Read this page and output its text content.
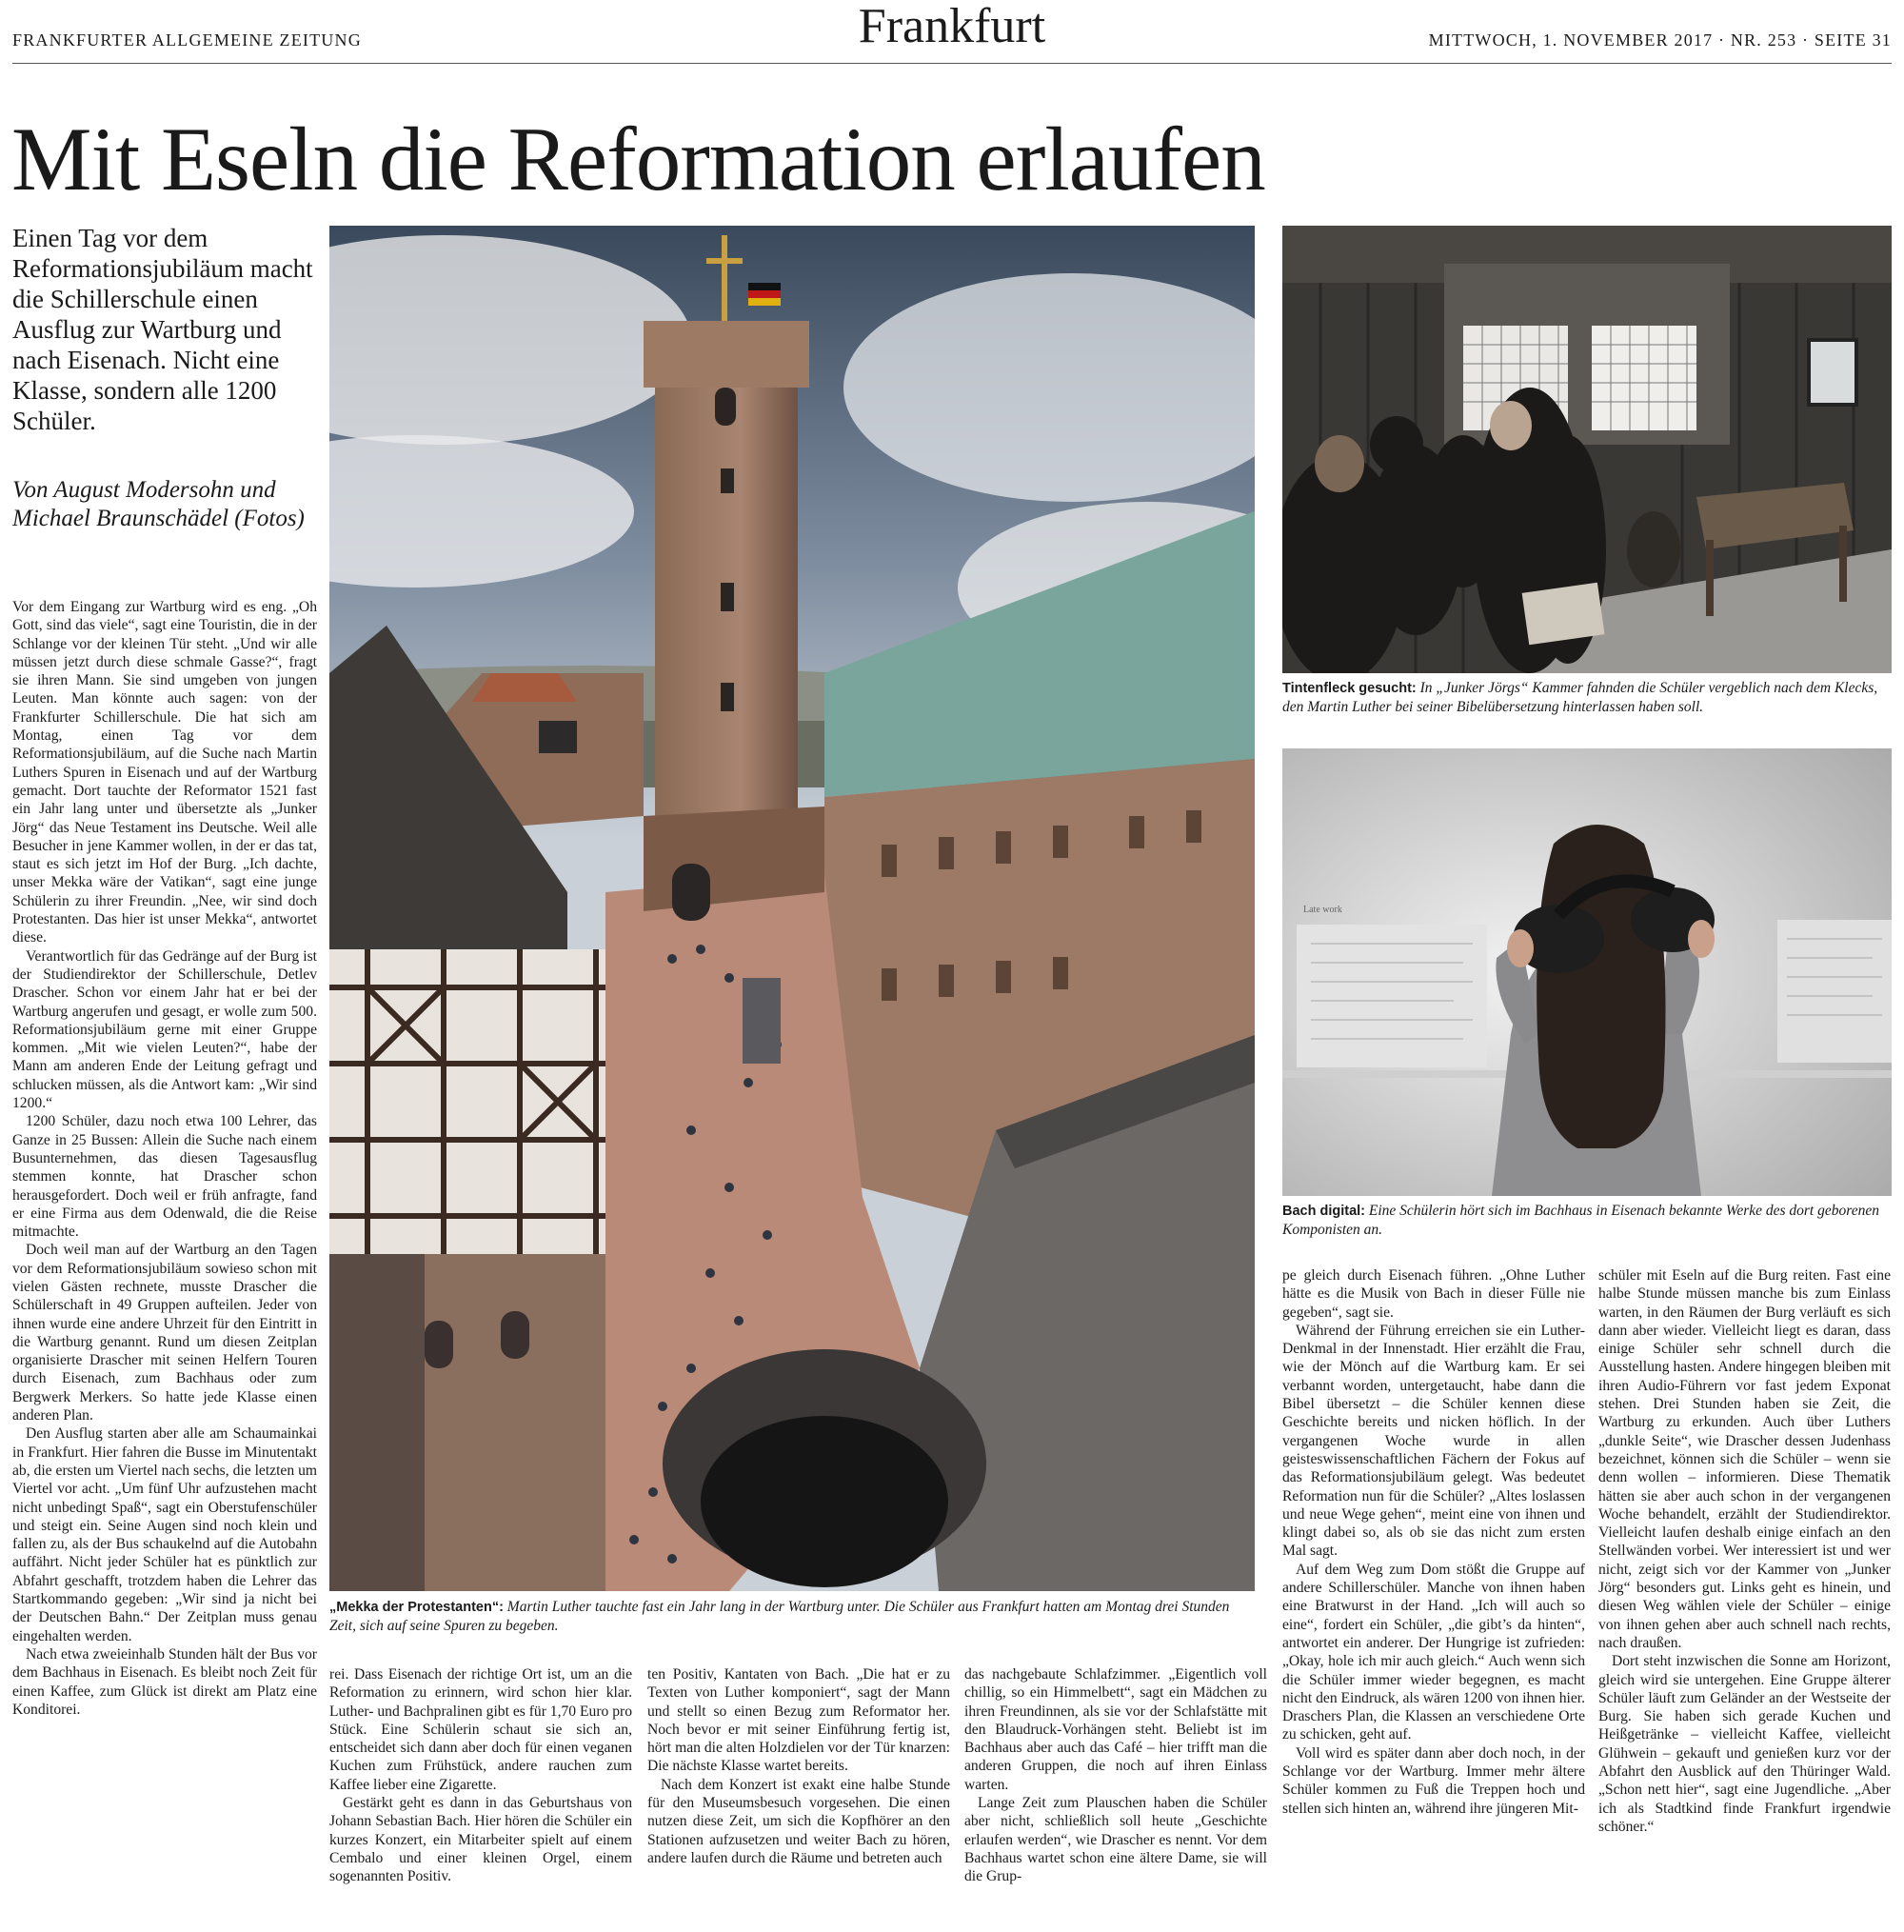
FRANKFURTER ALLGEMEINE ZEITUNG	Frankfurt	MITTWOCH, 1. NOVEMBER 2017 · NR. 253 · SEITE 31
Mit Eseln die Reformation erlaufen
Einen Tag vor dem Reformationsjubiläum macht die Schillerschule einen Ausflug zur Wartburg und nach Eisenach. Nicht eine Klasse, sondern alle 1200 Schüler.
Von August Modersohn und Michael Braunschädel (Fotos)
Tintenfleck gesucht: In „Junker Jörgs“ Kammer fahnden die Schüler vergeblich nach dem Klecks, den Martin Luther bei seiner Bibelübersetzung hinterlassen haben soll.
Late work
Bach digital: Eine Schülerin hört sich im Bachhaus in Eisenach bekannte Werke des dort geborenen Komponisten an.
„Mekka der Protestanten“: Martin Luther tauchte fast ein Jahr lang in der Wartburg unter. Die Schüler aus Frankfurt hatten am Montag drei Stunden Zeit, sich auf seine Spuren zu begeben.

Vor dem Eingang zur Wartburg wird es eng. „Oh Gott, sind das viele“, sagt eine Touristin, die in der Schlange vor der kleinen Tür steht. „Und wir alle müssen jetzt durch diese schmale Gasse?“, fragt sie ihren Mann. Sie sind umgeben von jungen Leuten. Man könnte auch sagen: von der Frankfurter Schillerschule. Die hat sich am Montag, einen Tag vor dem Reformationsjubiläum, auf die Suche nach Martin Luthers Spuren in Eisenach und auf der Wartburg gemacht. Dort tauchte der Reformator 1521 fast ein Jahr lang unter und übersetzte als „Junker Jörg“ das Neue Testament ins Deutsche. Weil alle Besucher in jene Kammer wollen, in der er das tat, staut es sich jetzt im Hof der Burg. „Ich dachte, unser Mekka wäre der Vatikan“, sagt eine junge Schülerin zu ihrer Freundin. „Nee, wir sind doch Protestanten. Das hier ist unser Mekka“, antwortet diese.

Verantwortlich für das Gedränge auf der Burg ist der Studiendirektor der Schillerschule, Detlev Drascher. Schon vor einem Jahr hat er bei der Wartburg angerufen und gesagt, er wolle zum 500. Reformationsjubiläum gerne mit einer Gruppe kommen. „Mit wie vielen Leuten?“, habe der Mann am anderen Ende der Leitung gefragt und schlucken müssen, als die Antwort kam: „Wir sind 1200.“

1200 Schüler, dazu noch etwa 100 Lehrer, das Ganze in 25 Bussen: Allein die Suche nach einem Busunternehmen, das diesen Tagesausflug stemmen konnte, hat Drascher schon herausgefordert. Doch weil er früh anfragte, fand er eine Firma aus dem Odenwald, die die Reise mitmachte.

Doch weil man auf der Wartburg an den Tagen vor dem Reformationsjubiläum sowieso schon mit vielen Gästen rechnete, musste Drascher die Schülerschaft in 49 Gruppen aufteilen. Jeder von ihnen wurde eine andere Uhrzeit für den Eintritt in die Wartburg genannt. Rund um diesen Zeitplan organisierte Drascher mit seinen Helfern Touren durch Eisenach, zum Bachhaus oder zum Bergwerk Merkers. So hatte jede Klasse einen anderen Plan.

Den Ausflug starten aber alle am Schaumainkai in Frankfurt. Hier fahren die Busse im Minutentakt ab, die ersten um Viertel nach sechs, die letzten um Viertel vor acht. „Um fünf Uhr aufzustehen macht nicht unbedingt Spaß“, sagt ein Oberstufenschüler und steigt ein. Seine Augen sind noch klein und fallen zu, als der Bus schaukelnd auf die Autobahn auffährt. Nicht jeder Schüler hat es pünktlich zur Abfahrt geschafft, trotzdem haben die Lehrer das Startkommando gegeben: „Wir sind ja nicht bei der Deutschen Bahn.“ Der Zeitplan muss genau eingehalten werden.

Nach etwa zweieinhalb Stunden hält der Bus vor dem Bachhaus in Eisenach. Es bleibt noch Zeit für einen Kaffee, zum Glück ist direkt am Platz eine Konditorei.

rei. Dass Eisenach der richtige Ort ist, um an die Reformation zu erinnern, wird schon hier klar. Luther- und Bachpralinen gibt es für 1,70 Euro pro Stück. Eine Schülerin schaut sie sich an, entscheidet sich dann aber doch für einen veganen Kuchen zum Frühstück, andere rauchen zum Kaffee lieber eine Zigarette.

Gestärkt geht es dann in das Geburtshaus von Johann Sebastian Bach. Hier hören die Schüler ein kurzes Konzert, ein Mitarbeiter spielt auf einem Cembalo und einer kleinen Orgel, einem sogenannten Positiv.

ten Positiv, Kantaten von Bach. „Die hat er zu Texten von Luther komponiert“, sagt der Mann und stellt so einen Bezug zum Reformator her. Noch bevor er mit seiner Einführung fertig ist, hört man die alten Holzdielen vor der Tür knarzen: Die nächste Klasse wartet bereits.

Nach dem Konzert ist exakt eine halbe Stunde für den Museumsbesuch vorgesehen. Die einen nutzen diese Zeit, um sich die Kopfhörer an den Stationen aufzusetzen und weiter Bach zu hören, andere laufen durch die Räume und betreten auch

das nachgebaute Schlafzimmer. „Eigentlich voll chillig, so ein Himmelbett“, sagt ein Mädchen zu ihren Freundinnen, als sie vor der Schlafstätte mit den Blaudruck-Vorhängen steht. Beliebt ist im Bachhaus aber auch das Café – hier trifft man die anderen Gruppen, die noch auf ihren Einlass warten.

Lange Zeit zum Plauschen haben die Schüler aber nicht, schließlich soll heute „Geschichte erlaufen werden“, wie Drascher es nennt. Vor dem Bachhaus wartet schon eine ältere Dame, sie will die Grup-

pe gleich durch Eisenach führen. „Ohne Luther hätte es die Musik von Bach in dieser Fülle nie gegeben“, sagt sie.

Während der Führung erreichen sie ein Luther-Denkmal in der Innenstadt. Hier erzählt die Frau, wie der Mönch auf die Wartburg kam. Er sei verbannt worden, untergetaucht, habe dann die Bibel übersetzt – die Schüler kennen diese Geschichte bereits und nicken höflich. In der vergangenen Woche wurde in allen geisteswissenschaftlichen Fächern der Fokus auf das Reformationsjubiläum gelegt. Was bedeutet Reformation nun für die Schüler? „Altes loslassen und neue Wege gehen“, meint eine von ihnen und klingt dabei so, als ob sie das nicht zum ersten Mal sagt.

Auf dem Weg zum Dom stößt die Gruppe auf andere Schillerschüler. Manche von ihnen haben eine Bratwurst in der Hand. „Ich will auch so eine“, fordert ein Schüler, „die gibt’s da hinten“, antwortet ein anderer. Der Hungrige ist zufrieden: „Okay, hole ich mir auch gleich.“ Auch wenn sich die Schüler immer wieder begegnen, es macht nicht den Eindruck, als wären 1200 von ihnen hier. Draschers Plan, die Klassen an verschiedene Orte zu schicken, geht auf.

Voll wird es später dann aber doch noch, in der Schlange vor der Wartburg. Immer mehr ältere Schüler kommen zu Fuß die Treppen hoch und stellen sich hinten an, während ihre jüngeren Mit-

schüler mit Eseln auf die Burg reiten. Fast eine halbe Stunde müssen manche bis zum Einlass warten, in den Räumen der Burg verläuft es sich dann aber wieder. Vielleicht liegt es daran, dass einige Schüler sehr schnell durch die Ausstellung hasten. Andere hingegen bleiben mit ihren Audio-Führern vor fast jedem Exponat stehen. Drei Stunden haben sie Zeit, die Wartburg zu erkunden. Auch über Luthers „dunkle Seite“, wie Drascher dessen Judenhass bezeichnet, können sich die Schüler – wenn sie denn wollen – informieren. Diese Thematik hätten sie aber auch schon in der vergangenen Woche behandelt, erzählt der Studiendirektor. Vielleicht laufen deshalb einige einfach an den Stellwänden vorbei. Wer interessiert ist und wer nicht, zeigt sich vor der Kammer von „Junker Jörg“ besonders gut. Links geht es hinein, und diesen Weg wählen viele der Schüler – einige von ihnen gehen aber auch schnell nach rechts, nach draußen.

Dort steht inzwischen die Sonne am Horizont, gleich wird sie untergehen. Eine Gruppe älterer Schüler läuft zum Geländer an der Westseite der Burg. Sie haben sich gerade Kuchen und Heißgetränke – vielleicht Kaffee, vielleicht Glühwein – gekauft und genießen kurz vor der Abfahrt den Ausblick auf den Thüringer Wald. „Schon nett hier“, sagt eine Jugendliche. „Aber ich als Stadtkind finde Frankfurt irgendwie schöner.“
